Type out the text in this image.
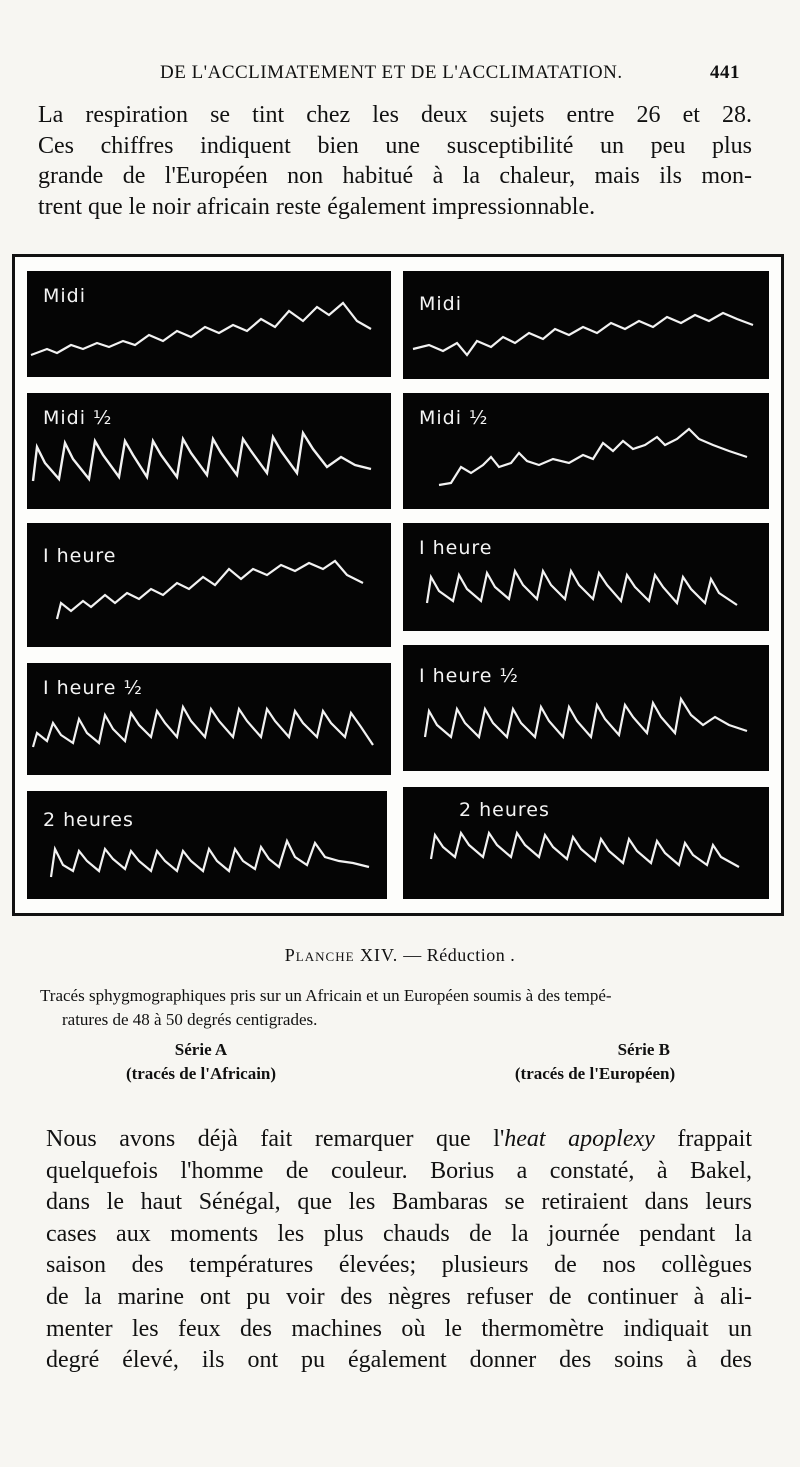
DE L'ACCLIMATEMENT ET DE L'ACCLIMATATION.	441
La respiration se tint chez les deux sujets entre 26 et 28.
Ces chiffres indiquent bien une susceptibilité un peu plus
grande de l'Européen non habitué à la chaleur, mais ils mon-
trent que le noir africain reste également impressionnable.
Midi
Midi ½
I heure
I heure ½
2 heures
Midi
Midi ½
I heure
I heure ½
2 heures
Planche XIV. — Réduction .
Tracés sphygmographiques pris sur un Africain et un Européen soumis à des tempé-
ratures de 48 à 50 degrés centigrades.
Série A
(tracés de l'Africain)
Série B
(tracés de l'Européen)
Nous avons déjà fait remarquer que l'heat apoplexy frappait
quelquefois l'homme de couleur. Borius a constaté, à Bakel,
dans le haut Sénégal, que les Bambaras se retiraient dans leurs
cases aux moments les plus chauds de la journée pendant la
saison des températures élevées; plusieurs de nos collègues
de la marine ont pu voir des nègres refuser de continuer à ali-
menter les feux des machines où le thermomètre indiquait un
degré élevé, ils ont pu également donner des soins à des
